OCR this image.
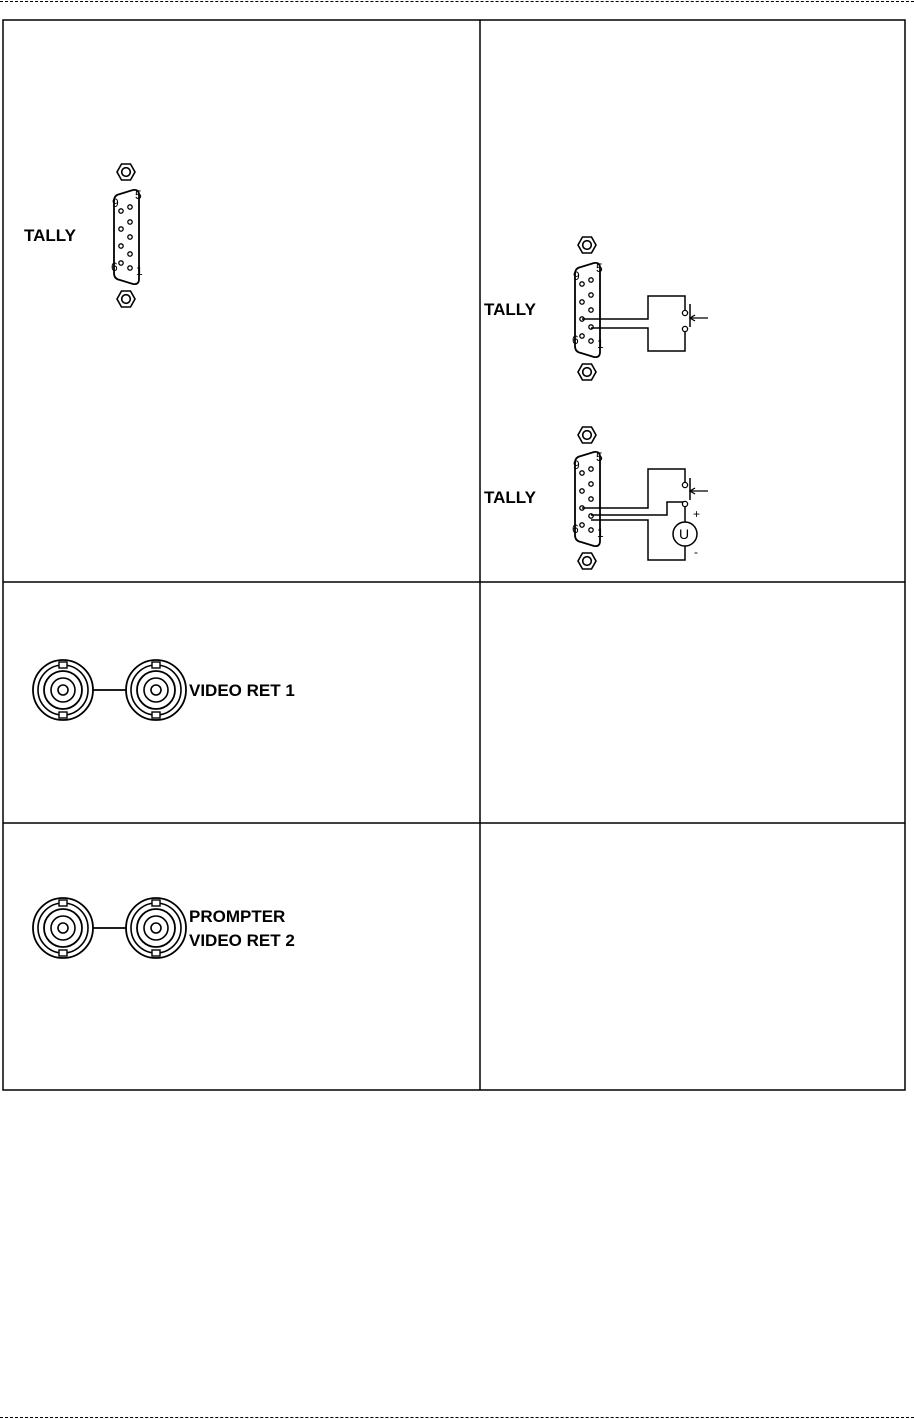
9
5
6 1
TALLY
9
5
6 1
TALLY
9
5
6 1
TALLY
U
+
-
VIDEO RET 1
PROMPTER
VIDEO RET 2
